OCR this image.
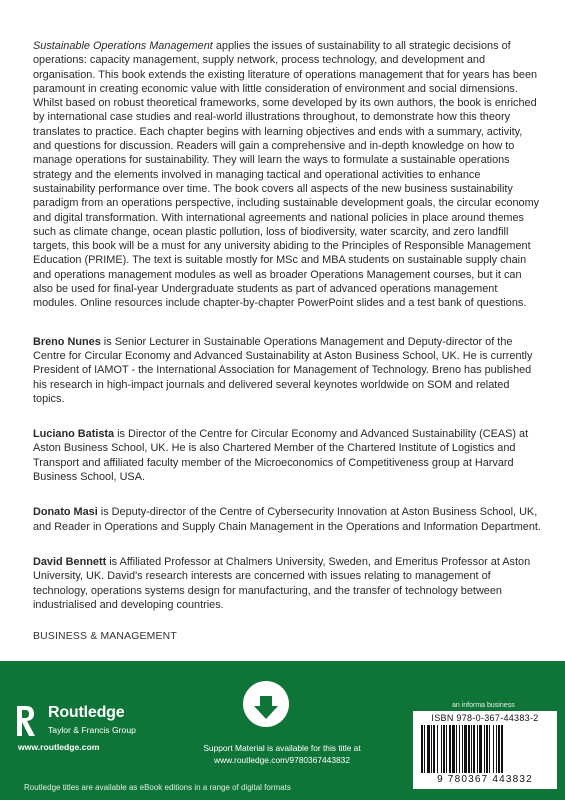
Sustainable Operations Management applies the issues of sustainability to all strategic decisions of operations: capacity management, supply network, process technology, and development and organisation. This book extends the existing literature of operations management that for years has been paramount in creating economic value with little consideration of environment and social dimensions. Whilst based on robust theoretical frameworks, some developed by its own authors, the book is enriched by international case studies and real-world illustrations throughout, to demonstrate how this theory translates to practice. Each chapter begins with learning objectives and ends with a summary, activity, and questions for discussion. Readers will gain a comprehensive and in-depth knowledge on how to manage operations for sustainability. They will learn the ways to formulate a sustainable operations strategy and the elements involved in managing tactical and operational activities to enhance sustainability performance over time. The book covers all aspects of the new business sustainability paradigm from an operations perspective, including sustainable development goals, the circular economy and digital transformation. With international agreements and national policies in place around themes such as climate change, ocean plastic pollution, loss of biodiversity, water scarcity, and zero landfill targets, this book will be a must for any university abiding to the Principles of Responsible Management Education (PRIME). The text is suitable mostly for MSc and MBA students on sustainable supply chain and operations management modules as well as broader Operations Management courses, but it can also be used for final-year Undergraduate students as part of advanced operations management modules. Online resources include chapter-by-chapter PowerPoint slides and a test bank of questions.

Breno Nunes is Senior Lecturer in Sustainable Operations Management and Deputy-director of the Centre for Circular Economy and Advanced Sustainability at Aston Business School, UK. He is currently President of IAMOT - the International Association for Management of Technology. Breno has published his research in high-impact journals and delivered several keynotes worldwide on SOM and related topics.

Luciano Batista is Director of the Centre for Circular Economy and Advanced Sustainability (CEAS) at Aston Business School, UK. He is also Chartered Member of the Chartered Institute of Logistics and Transport and affiliated faculty member of the Microeconomics of Competitiveness group at Harvard Business School, USA.

Donato Masi is Deputy-director of the Centre of Cybersecurity Innovation at Aston Business School, UK, and Reader in Operations and Supply Chain Management in the Operations and Information Department.

David Bennett is Affiliated Professor at Chalmers University, Sweden, and Emeritus Professor at Aston University, UK. David's research interests are concerned with issues relating to management of technology, operations systems design for manufacturing, and the transfer of technology between industrialised and developing countries.

BUSINESS & MANAGEMENT
Routledge
Taylor & Francis Group
www.routledge.com	Support Material is available for this title at
www.routledge.com/9780367443832
an informa business
ISBN 978-0-367-44383-2
9 780367 443832
Routledge titles are available as eBook editions in a range of digital formats
